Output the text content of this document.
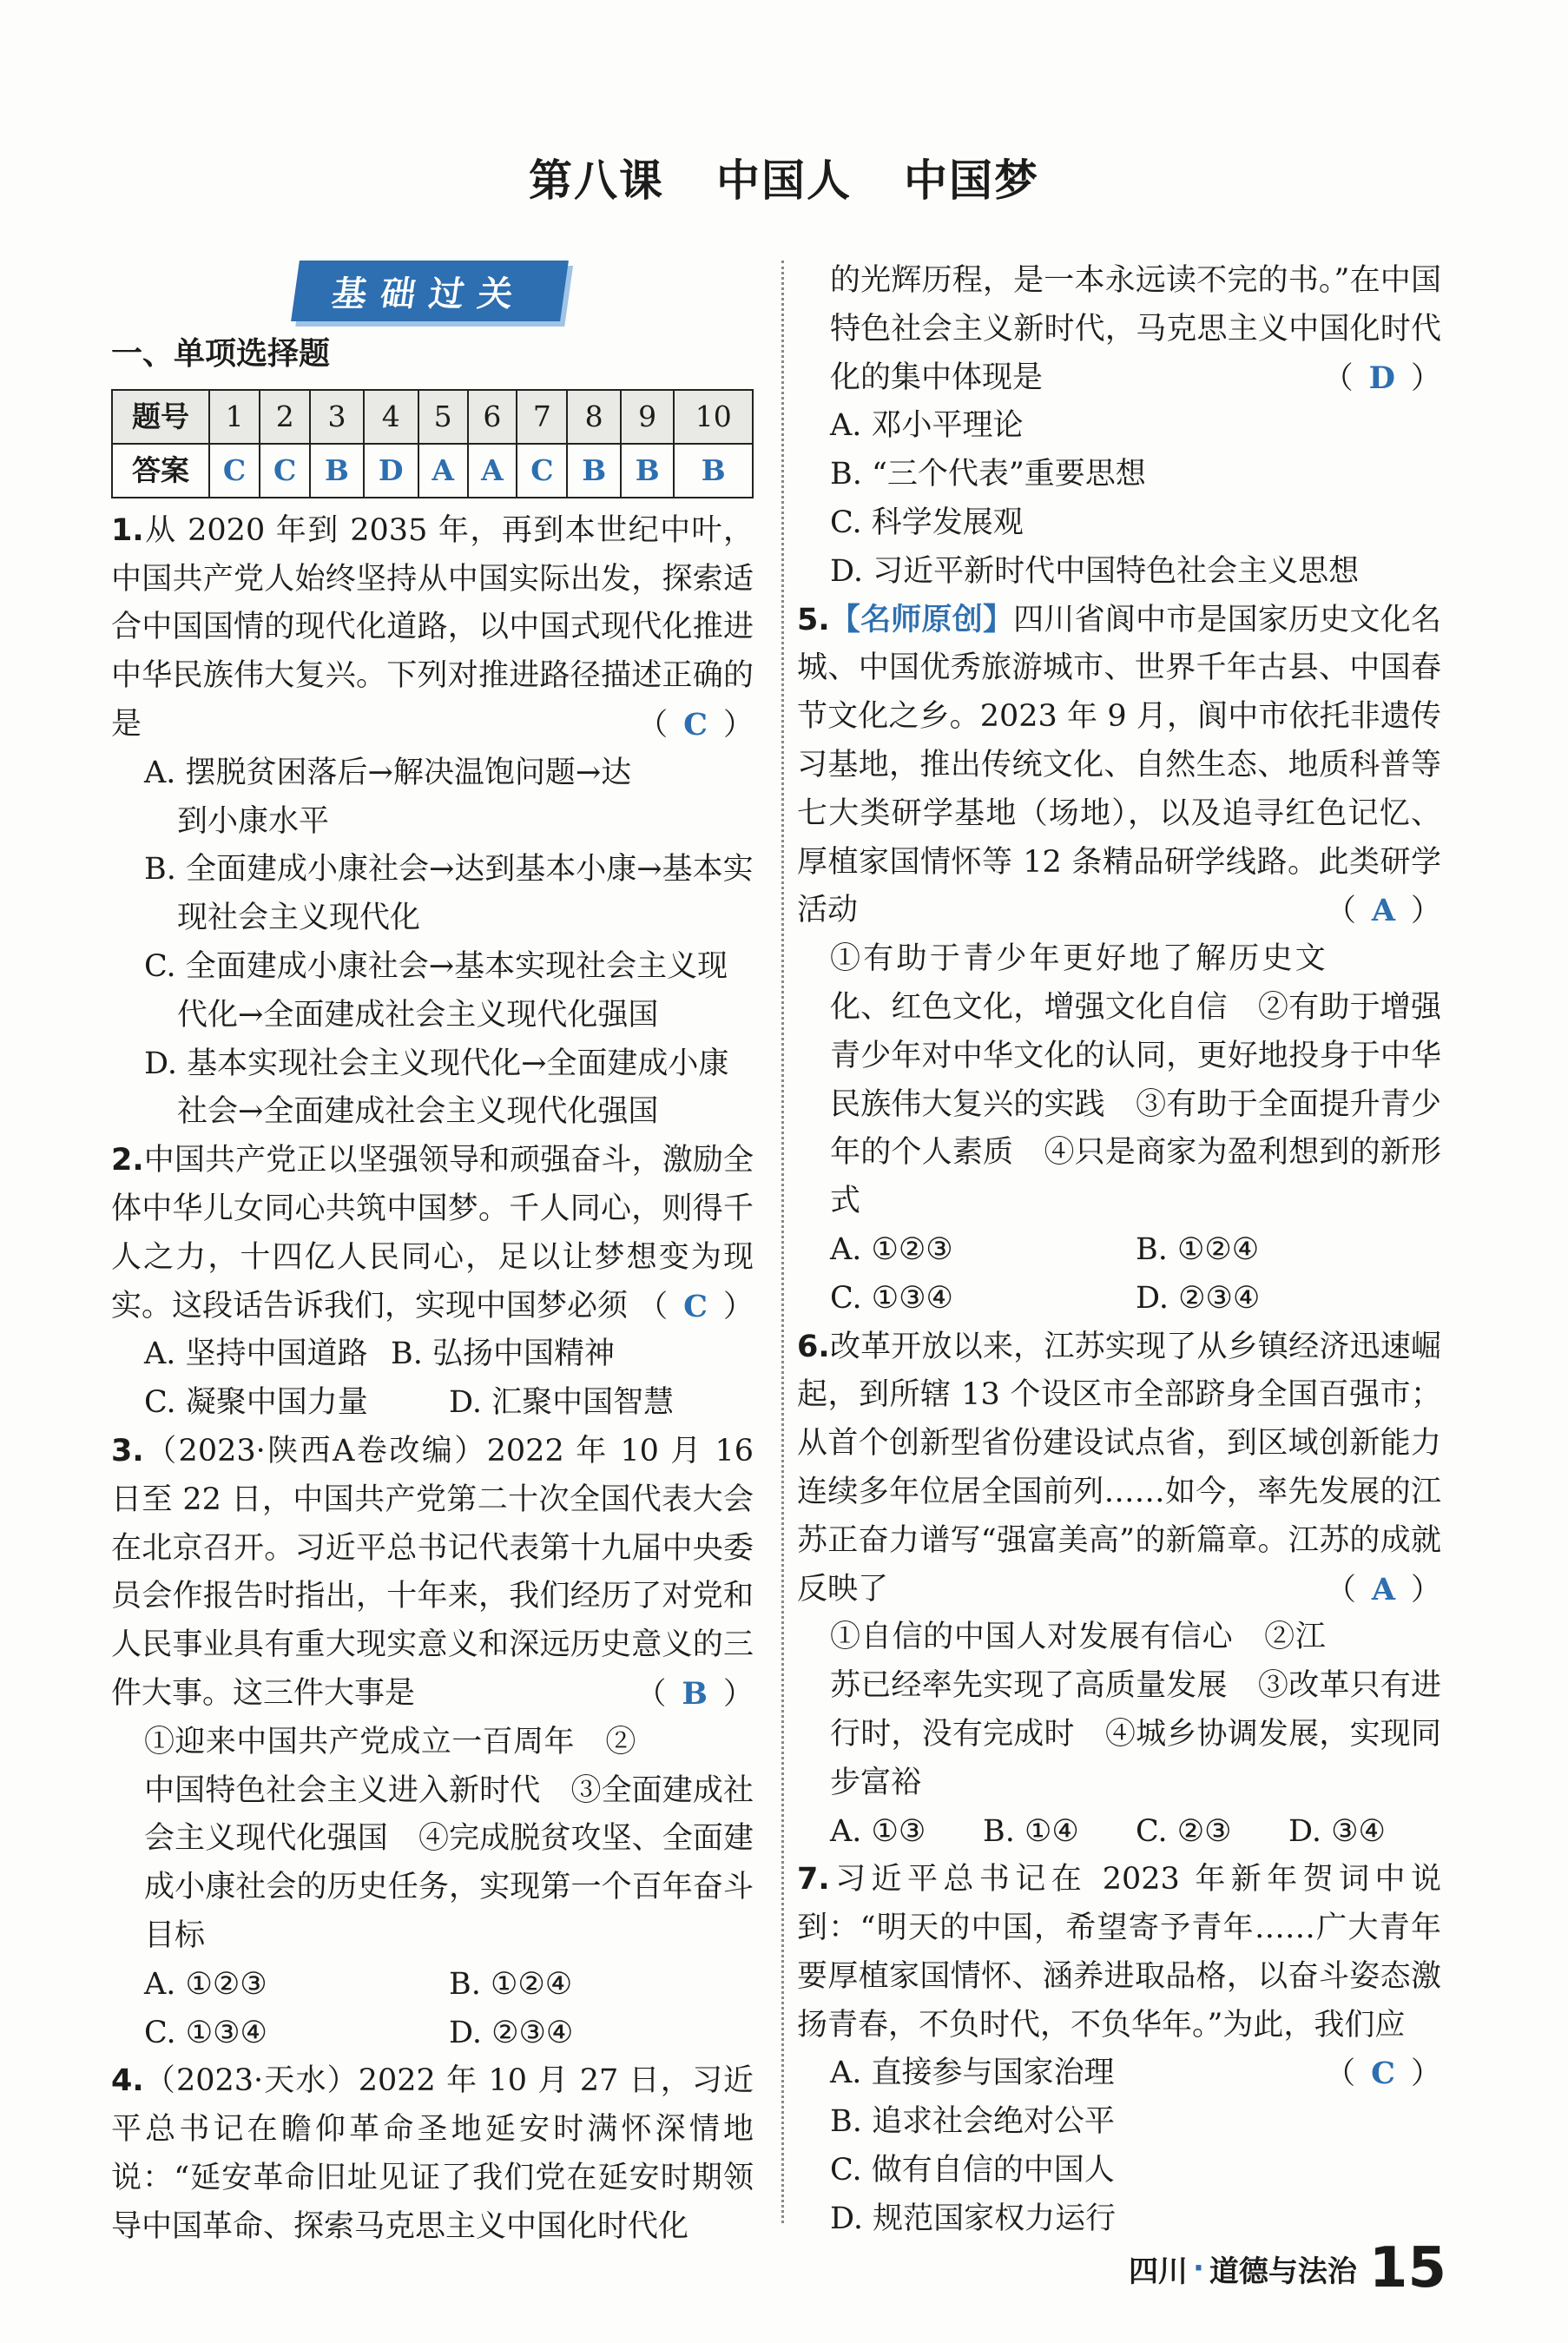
第八课 中国人 中国梦
基础过关
一、单项选择题
题号	1	2	3	4	5	6	7	8	9	10
答案	C	C	B	D	A	A	C	B	B	B
1.从 2020 年到 2035 年，再到本世纪中叶，中国共产党人始终坚持从中国实际出发，探索适合中国国情的现代化道路，以中国式现代化推进中华民族伟大复兴。下列对推进路径描述正确的是	（ C ）
A. 摆脱贫困落后→解决温饱问题→达到小康水平
B. 全面建成小康社会→达到基本小康→基本实现社会主义现代化
C. 全面建成小康社会→基本实现社会主义现代化→全面建成社会主义现代化强国
D. 基本实现社会主义现代化→全面建成小康社会→全面建成社会主义现代化强国
2.中国共产党正以坚强领导和顽强奋斗，激励全体中华儿女同心共筑中国梦。千人同心，则得千人之力，十四亿人民同心，足以让梦想变为现实。这段话告诉我们，实现中国梦必须 （ C ）
A. 坚持中国道路 B. 弘扬中国精神
C. 凝聚中国力量	D. 汇聚中国智慧
3.（2023·陕西A卷改编）2022 年 10 月 16 日至 22 日，中国共产党第二十次全国代表大会在北京召开。习近平总书记代表第十九届中央委员会作报告时指出，十年来，我们经历了对党和人民事业具有重大现实意义和深远历史意义的三件大事。这三件大事是	（ B ）
①迎来中国共产党成立一百周年　②中国特色社会主义进入新时代　③全面建成社会主义现代化强国　④完成脱贫攻坚、全面建成小康社会的历史任务，实现第一个百年奋斗目标
A. ①②③	B. ①②④
C. ①③④	D. ②③④
4.（2023·天水）2022 年 10 月 27 日，习近平总书记在瞻仰革命圣地延安时满怀深情地说：“延安革命旧址见证了我们党在延安时期领导中国革命、探索马克思主义中国化时代化
的光辉历程，是一本永远读不完的书。”在中国特色社会主义新时代，马克思主义中国化时代化的集中体现是	（ D ）
A. 邓小平理论
B. “三个代表”重要思想
C. 科学发展观
D. 习近平新时代中国特色社会主义思想
5.【名师原创】四川省阆中市是国家历史文化名城、中国优秀旅游城市、世界千年古县、中国春节文化之乡。2023 年 9 月，阆中市依托非遗传习基地，推出传统文化、自然生态、地质科普等七大类研学基地（场地），以及追寻红色记忆、厚植家国情怀等 12 条精品研学线路。此类研学活动	（ A ）
①有助于青少年更好地了解历史文化、红色文化，增强文化自信　②有助于增强青少年对中华文化的认同，更好地投身于中华民族伟大复兴的实践　③有助于全面提升青少年的个人素质　④只是商家为盈利想到的新形式
A. ①②③	B. ①②④
C. ①③④	D. ②③④
6.改革开放以来，江苏实现了从乡镇经济迅速崛起，到所辖 13 个设区市全部跻身全国百强市；从首个创新型省份建设试点省，到区域创新能力连续多年位居全国前列……如今，率先发展的江苏正奋力谱写“强富美高”的新篇章。江苏的成就反映了	（ A ）
①自信的中国人对发展有信心　②江苏已经率先实现了高质量发展　③改革只有进行时，没有完成时　④城乡协调发展，实现同步富裕
A. ①③	B. ①④	C. ②③	D. ③④
7.习近平总书记在 2023 年新年贺词中说到：“明天的中国，希望寄予青年……广大青年要厚植家国情怀、涵养进取品格，以奋斗姿态激扬青春，不负时代，不负华年。”为此，我们应
（ C ）
A. 直接参与国家治理
B. 追求社会绝对公平
C. 做有自信的中国人
D. 规范国家权力运行
四川 · 道德与法治 15
